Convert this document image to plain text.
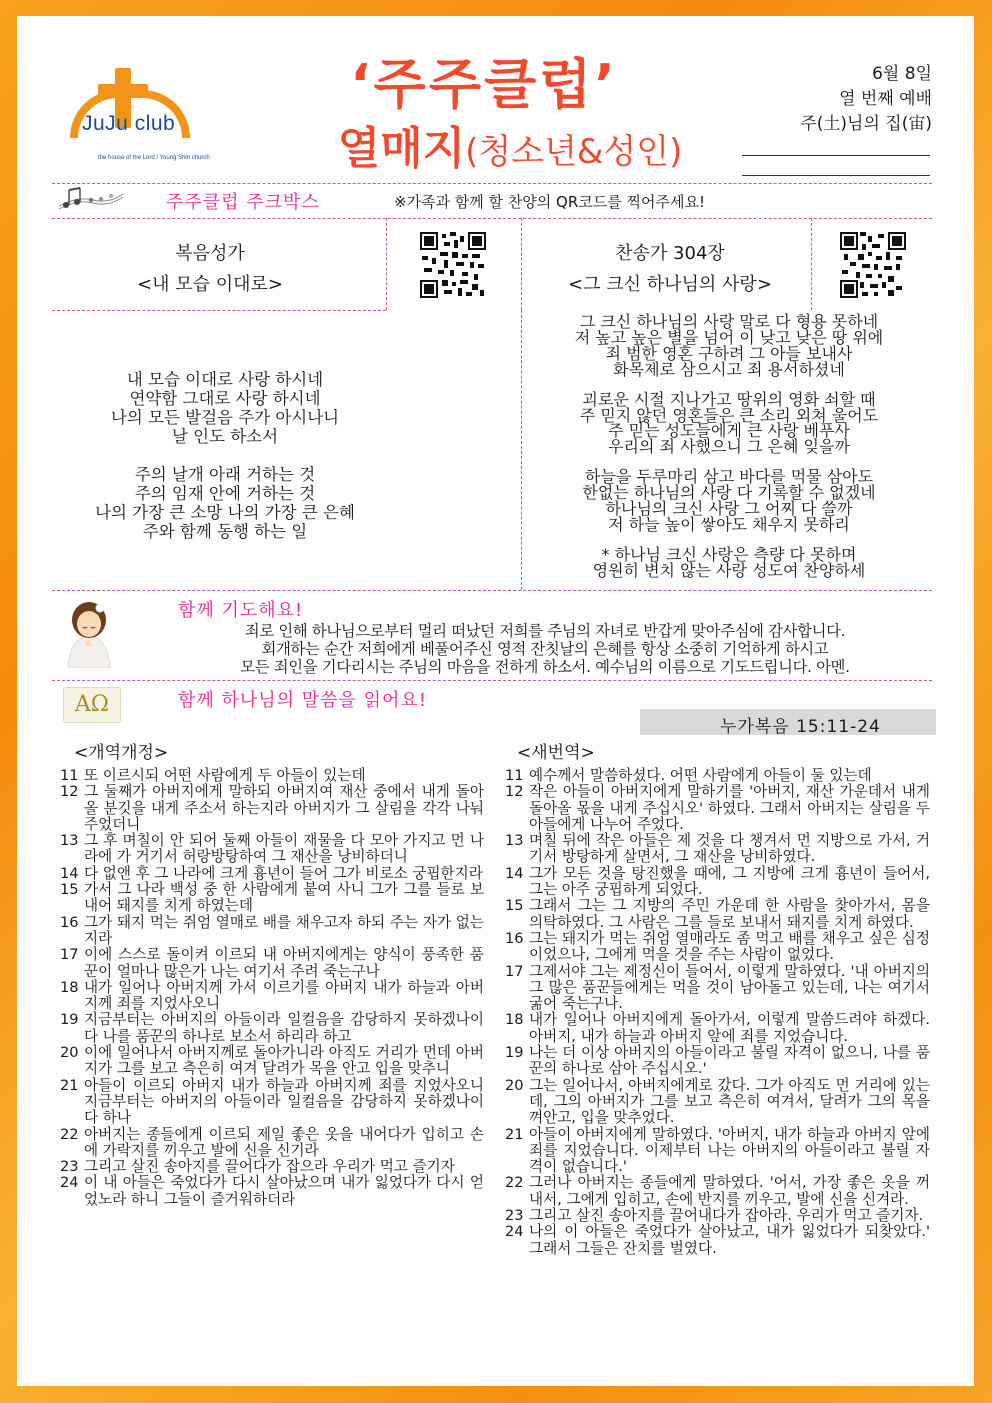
JuJu club
the house of the Lord / Young Shin church
‘주주클럽’
열매지(청소년&성인)
6월 8일
열 번째 예배
주(土)님의 집(宙)
주주클럽 주크박스	※가족과 함께 할 찬양의 QR코드를 찍어주세요!
복음성가
<내 모습 이대로>
내 모습 이대로 사랑 하시네
연약함 그대로 사랑 하시네
나의 모든 발걸음 주가 아시나니
날 인도 하소서
주의 날개 아래 거하는 것
주의 임재 안에 거하는 것
나의 가장 큰 소망 나의 가장 큰 은혜
주와 함께 동행 하는 일
찬송가 304장
<그 크신 하나님의 사랑>
그 크신 하나님의 사랑 말로 다 형용 못하네
저 높고 높은 별을 넘어 이 낮고 낮은 땅 위에
죄 범한 영혼 구하려 그 아들 보내사
화목제로 삼으시고 죄 용서하셨네
괴로운 시절 지나가고 땅위의 영화 쇠할 때
주 믿지 않던 영혼들은 큰 소리 외쳐 울어도
주 믿는 성도들에게 큰 사랑 베푸사
우리의 죄 사했으니 그 은혜 잊을까
하늘을 두루마리 삼고 바다를 먹물 삼아도
한없는 하나님의 사랑 다 기록할 수 없겠네
하나님의 크신 사랑 그 어찌 다 쓸까
저 하늘 높이 쌓아도 채우지 못하리
* 하나님 크신 사랑은 측량 다 못하며
영원히 변치 않는 사랑 성도여 찬양하세
함께 기도해요!
죄로 인해 하나님으로부터 멀리 떠났던 저희를 주님의 자녀로 반갑게 맞아주심에 감사합니다.
회개하는 순간 저희에게 베풀어주신 영적 잔칫날의 은혜를 항상 소중히 기억하게 하시고
모든 죄인을 기다리시는 주님의 마음을 전하게 하소서. 예수님의 이름으로 기도드립니다. 아멘.
ΑΩ	함께 하나님의 말씀을 읽어요!
누가복음 15:11-24
<개역개정>	<새번역>
11 또 이르시되 어떤 사람에게 두 아들이 있는데
12 그 둘째가 아버지에게 말하되 아버지여 재산 중에서 내게 돌아올 분깃을 내게 주소서 하는지라 아버지가 그 살림을 각각 나눠 주었더니
13 그 후 며칠이 안 되어 둘째 아들이 재물을 다 모아 가지고 먼 나라에 가 거기서 허랑방탕하여 그 재산을 낭비하더니
14 다 없앤 후 그 나라에 크게 흉년이 들어 그가 비로소 궁핍한지라
15 가서 그 나라 백성 중 한 사람에게 붙여 사니 그가 그를 들로 보내어 돼지를 치게 하였는데
16 그가 돼지 먹는 쥐엄 열매로 배를 채우고자 하되 주는 자가 없는지라
17 이에 스스로 돌이켜 이르되 내 아버지에게는 양식이 풍족한 품꾼이 얼마나 많은가 나는 여기서 주려 죽는구나
18 내가 일어나 아버지께 가서 이르기를 아버지 내가 하늘과 아버지께 죄를 지었사오니
19 지금부터는 아버지의 아들이라 일컬음을 감당하지 못하겠나이다 나를 품꾼의 하나로 보소서 하리라 하고
20 이에 일어나서 아버지께로 돌아가니라 아직도 거리가 먼데 아버지가 그를 보고 측은히 여겨 달려가 목을 안고 입을 맞추니
21 아들이 이르되 아버지 내가 하늘과 아버지께 죄를 지었사오니 지금부터는 아버지의 아들이라 일컬음을 감당하지 못하겠나이다 하나
22 아버지는 종들에게 이르되 제일 좋은 옷을 내어다가 입히고 손에 가락지를 끼우고 발에 신을 신기라
23 그리고 살진 송아지를 끌어다가 잡으라 우리가 먹고 즐기자
24 이 내 아들은 죽었다가 다시 살아났으며 내가 잃었다가 다시 얻었노라 하니 그들이 즐거워하더라
11 예수께서 말씀하셨다. 어떤 사람에게 아들이 둘 있는데
12 작은 아들이 아버지에게 말하기를 '아버지, 재산 가운데서 내게 돌아올 몫을 내게 주십시오' 하였다. 그래서 아버지는 살림을 두 아들에게 나누어 주었다.
13 며칠 뒤에 작은 아들은 제 것을 다 챙겨서 먼 지방으로 가서, 거기서 방탕하게 살면서, 그 재산을 낭비하였다.
14 그가 모든 것을 탕진했을 때에, 그 지방에 크게 흉년이 들어서, 그는 아주 궁핍하게 되었다.
15 그래서 그는 그 지방의 주민 가운데 한 사람을 찾아가서, 몸을 의탁하였다. 그 사람은 그를 들로 보내서 돼지를 치게 하였다.
16 그는 돼지가 먹는 쥐엄 열매라도 좀 먹고 배를 채우고 싶은 심정이었으나, 그에게 먹을 것을 주는 사람이 없었다.
17 그제서야 그는 제정신이 들어서, 이렇게 말하였다. '내 아버지의 그 많은 품꾼들에게는 먹을 것이 남아돌고 있는데, 나는 여기서 굶어 죽는구나.
18 내가 일어나 아버지에게 돌아가서, 이렇게 말씀드려야 하겠다. 아버지, 내가 하늘과 아버지 앞에 죄를 지었습니다.
19 나는 더 이상 아버지의 아들이라고 불릴 자격이 없으니, 나를 품꾼의 하나로 삼아 주십시오.'
20 그는 일어나서, 아버지에게로 갔다. 그가 아직도 먼 거리에 있는데, 그의 아버지가 그를 보고 측은히 여겨서, 달려가 그의 목을 껴안고, 입을 맞추었다.
21 아들이 아버지에게 말하였다. '아버지, 내가 하늘과 아버지 앞에 죄를 지었습니다. 이제부터 나는 아버지의 아들이라고 불릴 자격이 없습니다.'
22 그러나 아버지는 종들에게 말하였다. '어서, 가장 좋은 옷을 꺼내서, 그에게 입히고, 손에 반지를 끼우고, 발에 신을 신겨라.
23 그리고 살진 송아지를 끌어내다가 잡아라. 우리가 먹고 즐기자.
24 나의 이 아들은 죽었다가 살아났고, 내가 잃었다가 되찾았다.' 그래서 그들은 잔치를 벌였다.
